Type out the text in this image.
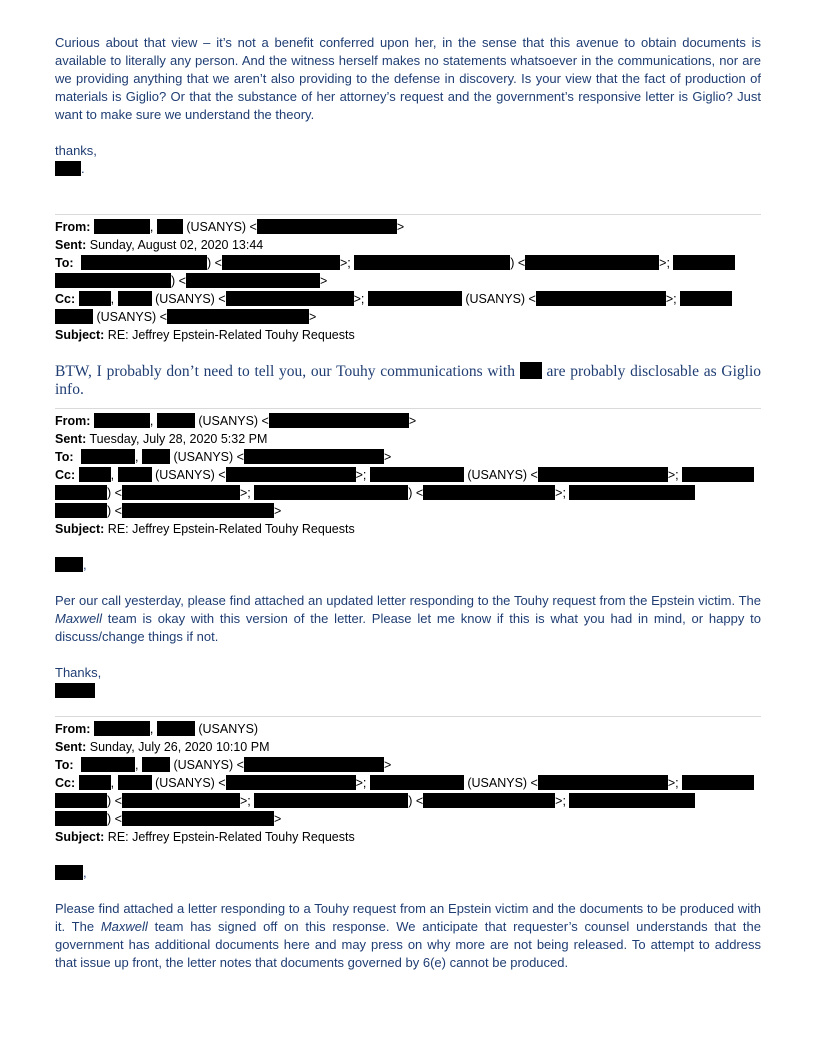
Curious about that view – it’s not a benefit conferred upon her, in the sense that this avenue to obtain documents is available to literally any person. And the witness herself makes no statements whatsoever in the communications, nor are we providing anything that we aren’t also providing to the defense in discovery. Is your view that the fact of production of materials is Giglio? Or that the substance of her attorney’s request and the government’s responsive letter is Giglio? Just want to make sure we understand the theory.

thanks,
.
From:	,	(USANYS) <	>
Sent: Sunday, August 02, 2020 13:44
To:	) <	>;	) <	>;
) <	>
Cc:	,	(USANYS) <	>;	(USANYS) <	>;
(USANYS) <	>
Subject: RE: Jeffrey Epstein-Related Touhy Requests
BTW, I probably don’t need to tell you, our Touhy communications with are probably disclosable as Giglio info.
From:	,	(USANYS) <	>
Sent: Tuesday, July 28, 2020 5:32 PM
To:	,	(USANYS) <	>
Cc:	,	(USANYS) <	>;	(USANYS) <	>;
) <	>;	) <	>;
) <	>
Subject: RE: Jeffrey Epstein-Related Touhy Requests
,
Per our call yesterday, please find attached an updated letter responding to the Touhy request from the Epstein victim. The Maxwell team is okay with this version of the letter. Please let me know if this is what you had in mind, or happy to discuss/change things if not.
Thanks,
From:	,	(USANYS)
Sent: Sunday, July 26, 2020 10:10 PM
To:	,	(USANYS) <	>
Cc:	,	(USANYS) <	>;	(USANYS) <	>;
) <	>;	) <	>;
) <	>
Subject: RE: Jeffrey Epstein-Related Touhy Requests
,
Please find attached a letter responding to a Touhy request from an Epstein victim and the documents to be produced with it. The Maxwell team has signed off on this response. We anticipate that requester’s counsel understands that the government has additional documents here and may press on why more are not being released. To attempt to address that issue up front, the letter notes that documents governed by 6(e) cannot be produced.
